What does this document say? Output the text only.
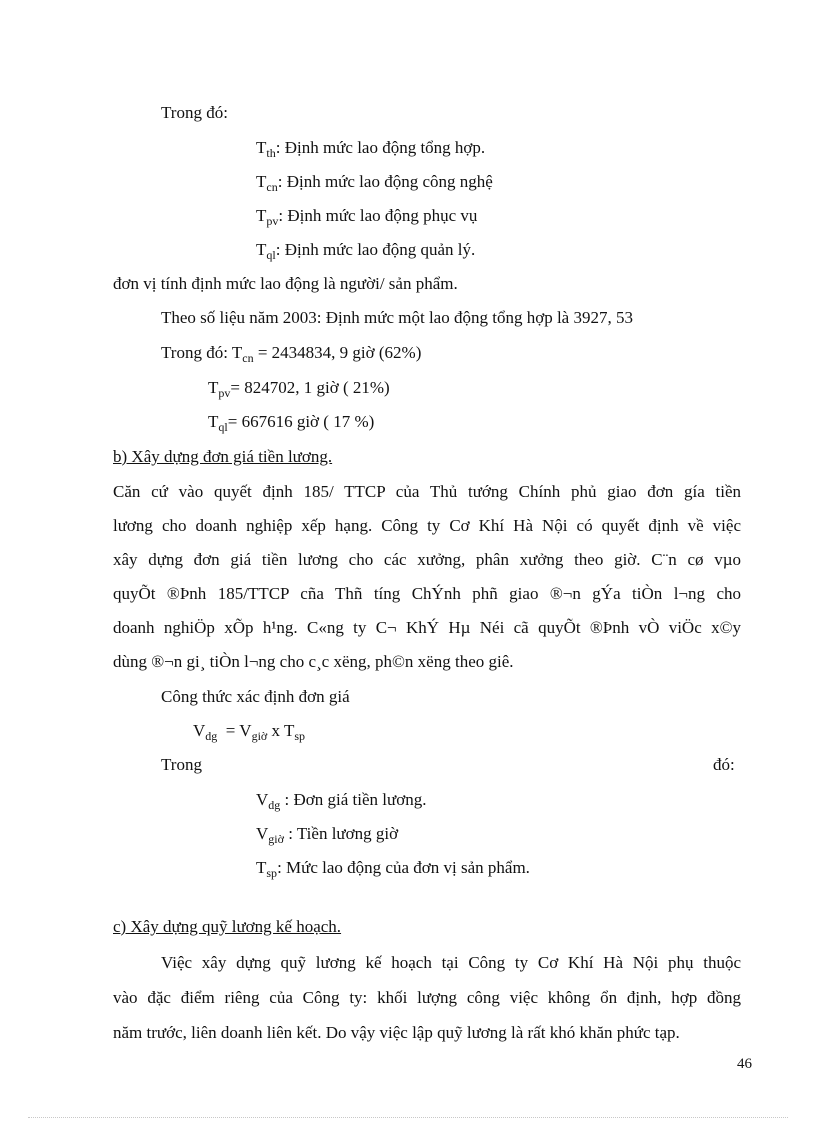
Trong đó:
$T_{th}$: Định mức lao động tổng hợp.
$T_{cn}$: Định mức lao động công nghệ
$T_{pv}$: Định mức lao động phục vụ
$T_{ql}$: Định mức lao động quản lý.
đơn vị tính định mức lao động là người/ sản phẩm.
Theo số liệu năm 2003: Định mức một lao động tổng hợp là 3927, 53
Trong đó: $T_{cn} = 2434834$, 9 giờ (62%)
$T_{pv}= 824702$, 1 giờ ( 21%)
$T_{ql}= 667616$ giờ ( 17 %)
b) Xây dựng đơn giá tiền lương.
Căn cứ vào quyết định 185/ TTCP của Thủ tướng Chính phủ giao đơn gía tiền
lương cho doanh nghiệp xếp hạng. Công ty Cơ Khí Hà Nội có quyết định về việc
xây dựng đơn giá tiền lương cho các xưởng, phân xưởng theo giờ. C¨n cø vµo
quyÕt ®Þnh 185/TTCP cña Thñ tíng ChÝnh phñ giao ®¬n gÝa tiÒn l¬ng cho
doanh nghiÖp xÕp h¹ng. C«ng ty C¬ KhÝ Hµ Néi cã quyÕt ®Þnh vÒ viÖc x©y
dùng ®¬n gi¸ tiÒn l¬ng cho c¸c xëng, ph©n xëng theo giê.
Công thức xác định đơn giá
$V_{dg} = V_{giờ}$ x $T_{sp}$
Trong	đó:
$V_{dg}$ : Đơn giá tiền lương.
$V_{giờ}$ : Tiền lương giờ
$T_{sp}$: Mức lao động của đơn vị sản phẩm.
c) Xây dựng quỹ lương kế hoạch.
Việc xây dựng quỹ lương kế hoạch tại Công ty Cơ Khí Hà Nội phụ thuộc
vào đặc điểm riêng của Công ty: khối lượng công việc không ổn định, hợp đồng
năm trước, liên doanh liên kết. Do vậy việc lập quỹ lương là rất khó khăn phức tạp.
46
